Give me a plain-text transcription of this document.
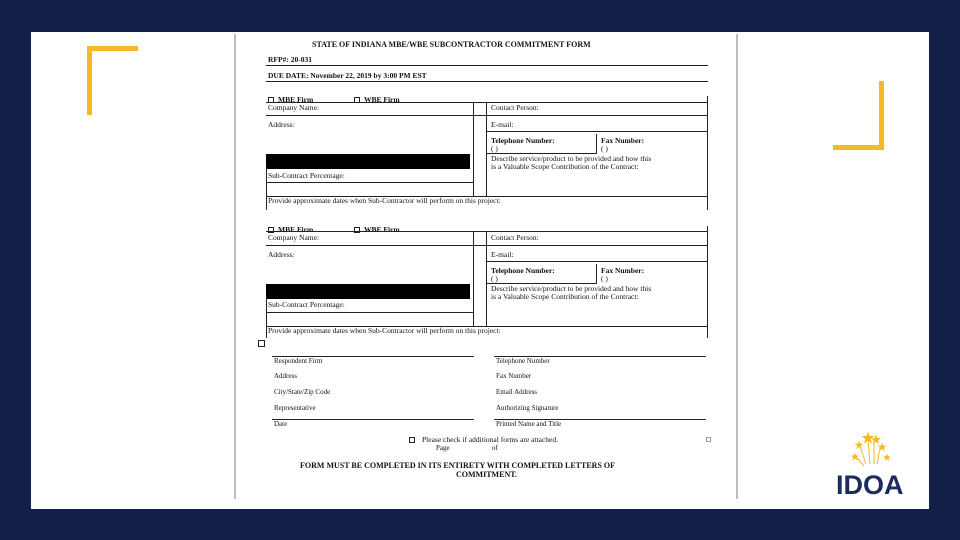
STATE OF INDIANA MBE/WBE SUBCONTRACTOR COMMITMENT FORM
RFP#: 20-031
DUE DATE: November 22, 2019 by 3:00 PM EST
MBE Firm	WBE Firm
Company Name:	Contact Person:
Address:	E-mail:
Telephone Number:	Fax Number:
( )	( )
Describe service/product to be provided and how this
is a Valuable Scope Contribution of the Contract:
Sub-Contract Percentage:
Provide approximate dates when Sub-Contractor will perform on this project:
MBE Firm	WBE Firm
Company Name:	Contact Person:
Address:	E-mail:
Telephone Number:	Fax Number:
( )	( )
Describe service/product to be provided and how this
is a Valuable Scope Contribution of the Contract:
Sub-Contract Percentage:
Provide approximate dates when Sub-Contractor will perform on this project:
Respondent Firm	Telephone Number
Address	Fax Number
City/State/Zip Code	Email Address
Representative	Authorizing Signature
Date	Printed Name and Title
Please check if additional forms are attached.
Page	of
FORM MUST BE COMPLETED IN ITS ENTIRETY WITH COMPLETED LETTERS OF
COMMITMENT.	IDOA
